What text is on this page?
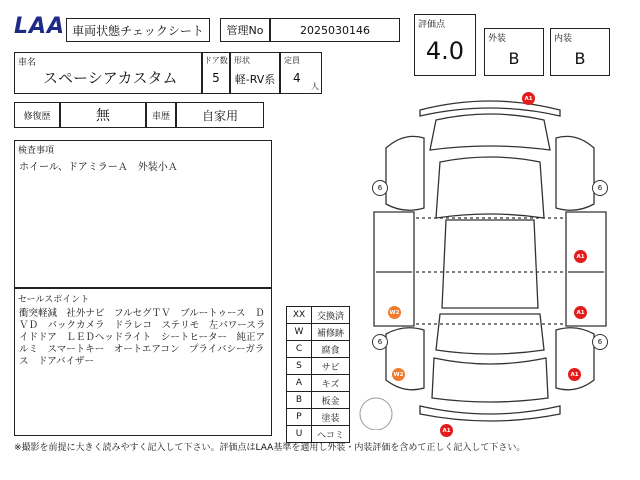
LAA 車両状態チェックシート 管理No	2025030146	評価点
4.0	外装
B
内装
B
車名
スペーシアカスタム
ドア数
5
形状
軽-RV系
定員
4
人
修復歴	無	車歴	自家用
検査事項
ホイール、ドアミラーＡ　外装小Ａ
セールスポイント
衝突軽減　社外ナビ　フルセグＴＶ　ブルートゥース　ＤＶＤ　バックカメラ　ドラレコ　ステリモ　左パワースライドドア　ＬＥＤヘッドライト　シートヒーター　純正アルミ　スマートキー　オートエアコン　プライバシーガラス　ドアバイザー
XX	交換済
W	補修跡
C	腐食
S	サビ
A	キズ
B	板金
P	塗装
U	ヘコミ
6	6
6	6
A1
A1
A1
A1
A1
W2
W2
※撮影を前提に大きく読みやすく記入して下さい。評価点はLAA基準を適用し外装・内装評価を含めて正しく記入して下さい。
